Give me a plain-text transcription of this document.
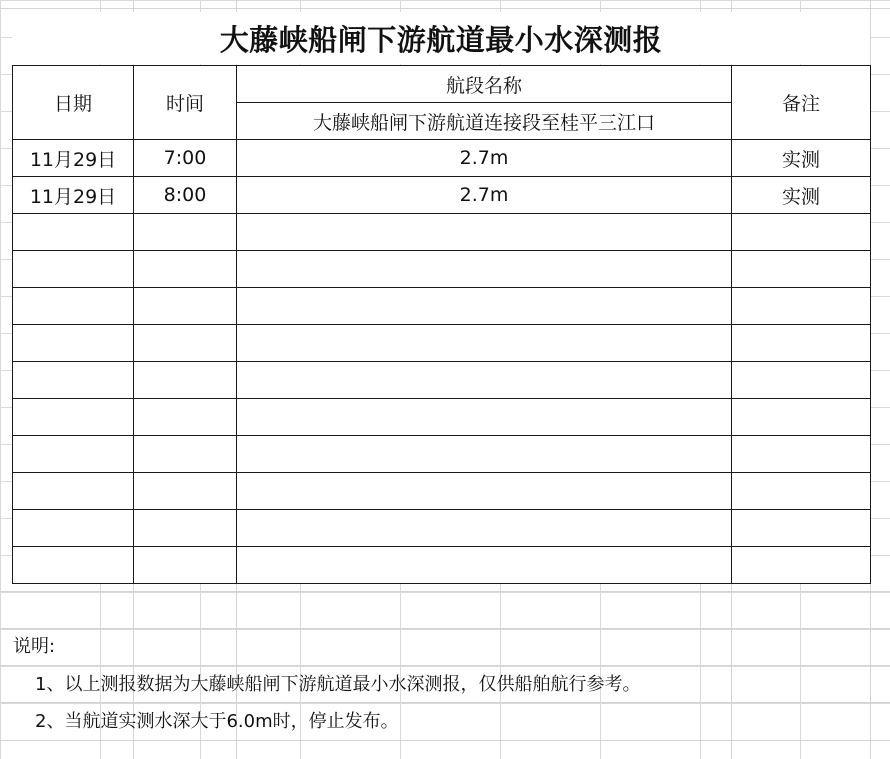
大藤峡船闸下游航道最小水深测报
日期	时间	航段名称	备注
		大藤峡船闸下游航道连接段至桂平三江口	
11月29日	7:00	2.7m	实测
11月29日	8:00	2.7m	实测

说明:
1、以上测报数据为大藤峡船闸下游航道最小水深测报，仅供船舶航行参考。
2、当航道实测水深大于6.0m时，停止发布。
